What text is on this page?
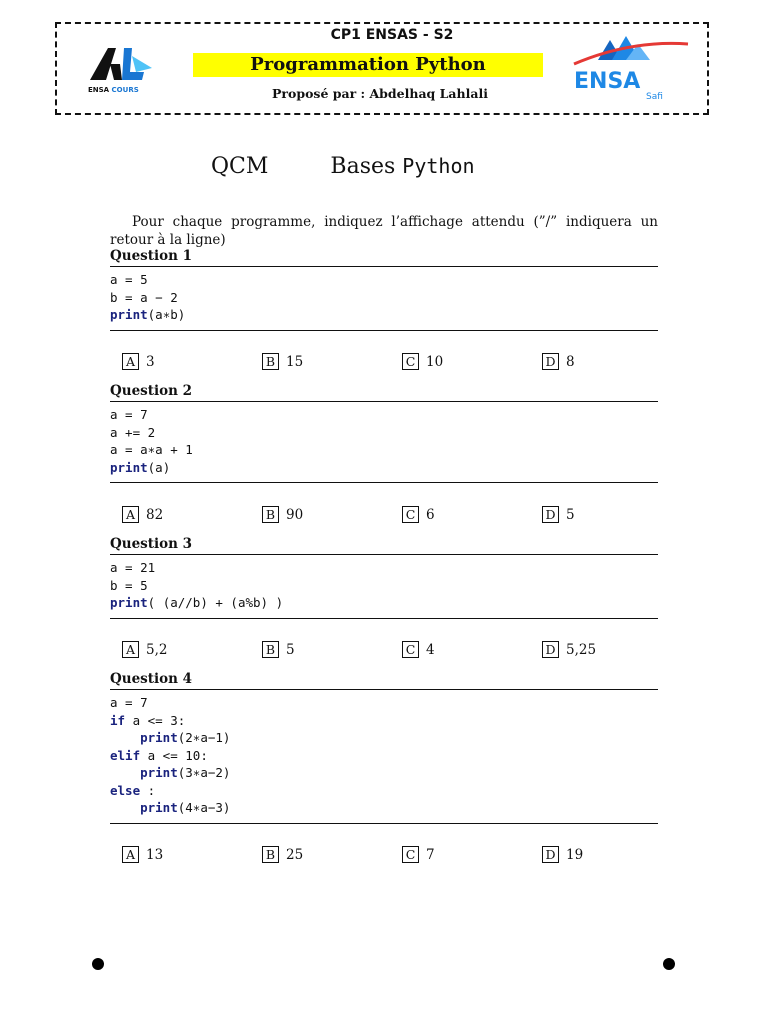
ENSA COURS	ENSA
Safi
CP1 ENSAS - S2
Programmation Python
Proposé par : Abdelhaq Lahlali
QCM	Bases Python
Pour chaque programme, indiquez l’affichage attendu (”/” indiquera un retour à la ligne)
Question 1
a = 5
b = a − 2
print(a∗b)
A 3	B 15	C 10	D 8
Question 2
a = 7
a += 2
a = a∗a + 1
print(a)
A 82	B 90	C 6	D 5
Question 3
a = 21
b = 5
print( (a//b) + (a%b) )
A 5,2	B 5	C 4	D 5,25
Question 4
a = 7
if a <= 3:
print(2∗a−1)
elif a <= 10:
print(3∗a−2)
else :
print(4∗a−3)
A 13	B 25	C 7	D 19
